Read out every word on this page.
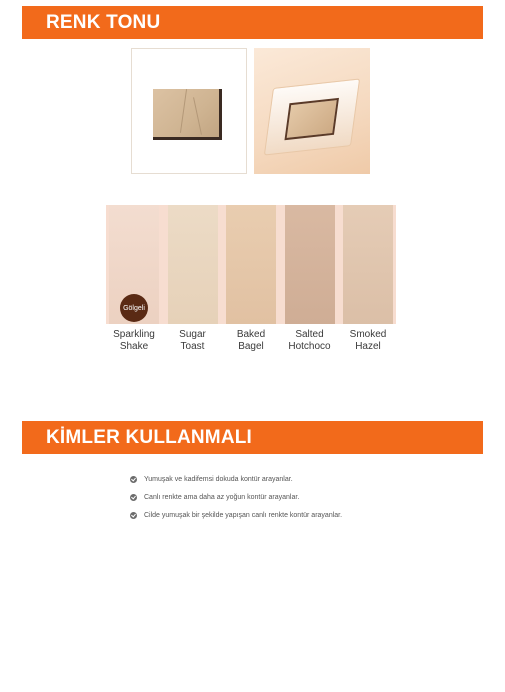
RENK TONU
Gölgeli
Sparkling
Shake
Sugar
Toast
Baked
Bagel
Salted
Hotchoco
Smoked
Hazel
KİMLER KULLANMALI
Yumuşak ve kadifemsi dokuda kontür arayanlar.
Canlı renkte ama daha az yoğun kontür arayanlar.
Cilde yumuşak bir şekilde yapışan canlı renkte kontür arayanlar.
